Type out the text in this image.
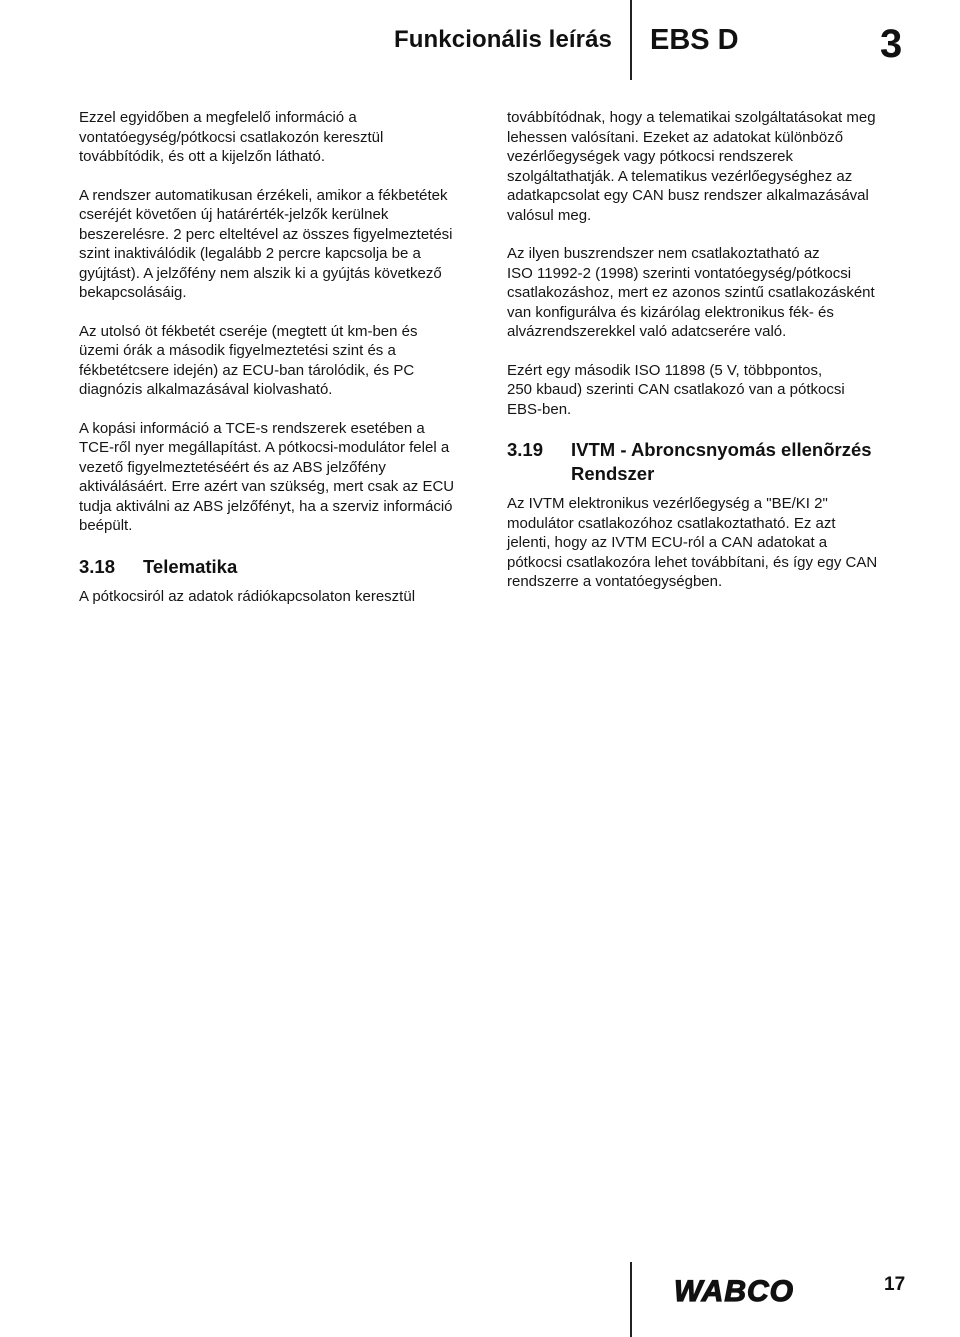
Funkcionális leírás EBS D	3

Ezzel egyidőben a megfelelő információ a
vontatóegység/pótkocsi csatlakozón keresztül
továbbítódik, és ott a kijelzőn látható.

A rendszer automatikusan érzékeli, amikor a fékbetétek
cseréjét követően új határérték-jelzők kerülnek
beszerelésre. 2 perc elteltével az összes figyelmeztetési
szint inaktiválódik (legalább 2 percre kapcsolja be a
gyújtást). A jelzőfény nem alszik ki a gyújtás következő
bekapcsolásáig.

Az utolsó öt fékbetét cseréje (megtett út km-ben és
üzemi órák a második figyelmeztetési szint és a
fékbetétcsere idején) az ECU-ban tárolódik, és PC
diagnózis alkalmazásával kiolvasható.

A kopási információ a TCE-s rendszerek esetében a
TCE-ről nyer megállapítást. A pótkocsi-modulátor felel a
vezető figyelmeztetéséért és az ABS jelzőfény
aktiválásáért. Erre azért van szükség, mert csak az ECU
tudja aktiválni az ABS jelzőfényt, ha a szerviz információ
beépült.

3.18	Telematika

A pótkocsiról az adatok rádiókapcsolaton keresztül

továbbítódnak, hogy a telematikai szolgáltatásokat meg
lehessen valósítani. Ezeket az adatokat különböző
vezérlőegységek vagy pótkocsi rendszerek
szolgáltathatják. A telematikus vezérlőegységhez az
adatkapcsolat egy CAN busz rendszer alkalmazásával
valósul meg.

Az ilyen buszrendszer nem csatlakoztatható az
ISO 11992-2 (1998) szerinti vontatóegység/pótkocsi
csatlakozáshoz, mert ez azonos szintű csatlakozásként
van konfigurálva és kizárólag elektronikus fék- és
alvázrendszerekkel való adatcserére való.

Ezért egy második ISO 11898 (5 V, többpontos,
250 kbaud) szerinti CAN csatlakozó van a pótkocsi
EBS-ben.

3.19	IVTM - Abroncsnyomás ellenõrzés
Rendszer

Az IVTM elektronikus vezérlőegység a "BE/KI 2"
modulátor csatlakozóhoz csatlakoztatható. Ez azt
jelenti, hogy az IVTM ECU-ról a CAN adatokat a
pótkocsi csatlakozóra lehet továbbítani, és így egy CAN
rendszerre a vontatóegységben.

WABCO	17
